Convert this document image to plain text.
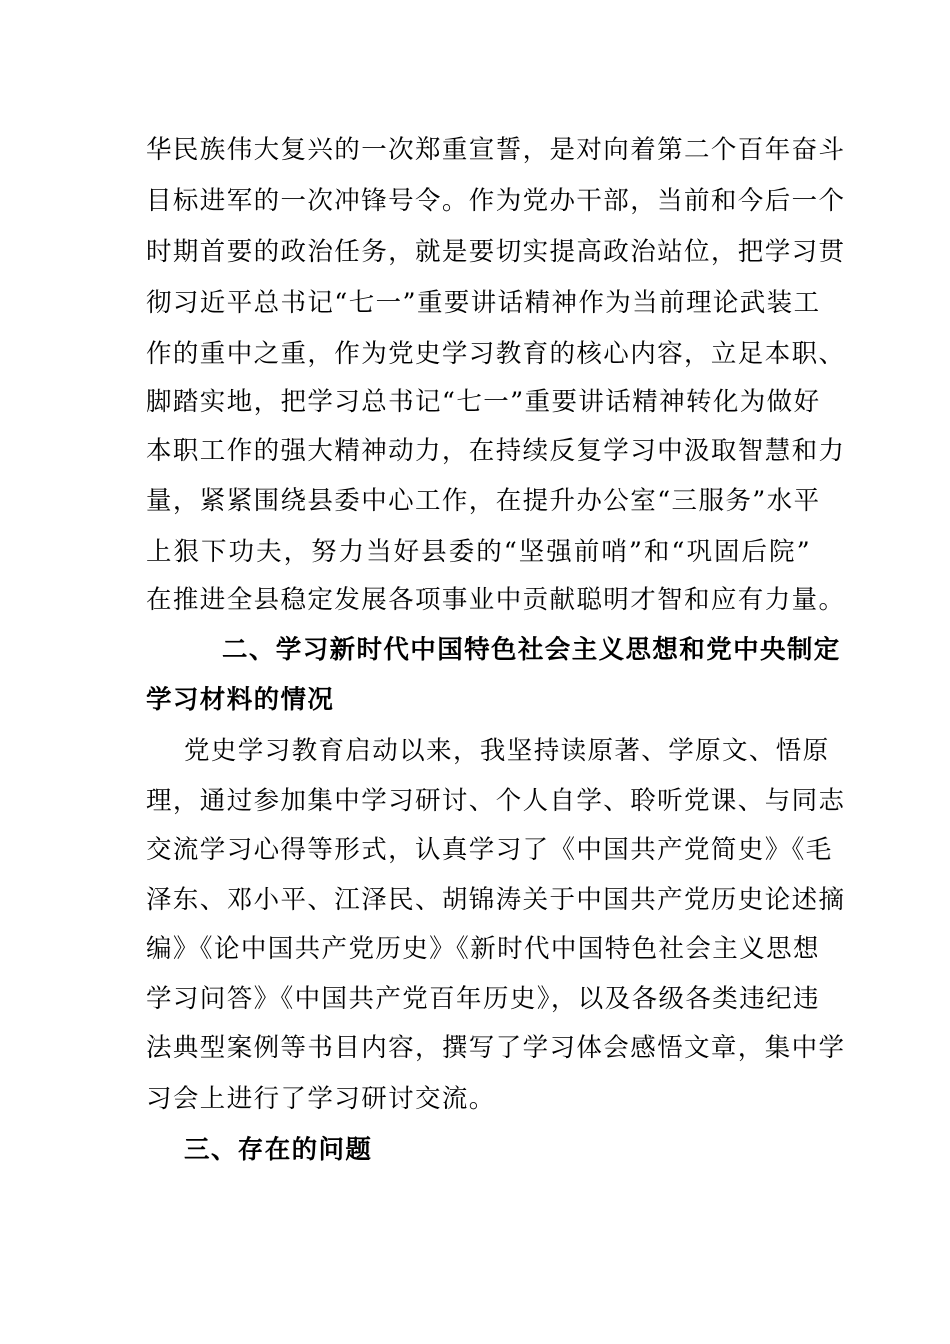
华民族伟大复兴的一次郑重宣誓，是对向着第二个百年奋斗
目标进军的一次冲锋号令。作为党办干部，当前和今后一个
时期首要的政治任务，就是要切实提高政治站位，把学习贯
彻习近平总书记“七一”重要讲话精神作为当前理论武装工
作的重中之重，作为党史学习教育的核心内容，立足本职、
脚踏实地，把学习总书记“七一”重要讲话精神转化为做好
本职工作的强大精神动力，在持续反复学习中汲取智慧和力
量，紧紧围绕县委中心工作，在提升办公室“三服务”水平
上狠下功夫，努力当好县委的“坚强前哨”和“巩固后院”
在推进全县稳定发展各项事业中贡献聪明才智和应有力量。
二、学习新时代中国特色社会主义思想和党中央制定
学习材料的情况
党史学习教育启动以来，我坚持读原著、学原文、悟原
理，通过参加集中学习研讨、个人自学、聆听党课、与同志
交流学习心得等形式，认真学习了《中国共产党简史》《毛
泽东、邓小平、江泽民、胡锦涛关于中国共产党历史论述摘
编》《论中国共产党历史》《新时代中国特色社会主义思想
学习问答》《中国共产党百年历史》，以及各级各类违纪违
法典型案例等书目内容，撰写了学习体会感悟文章，集中学
习会上进行了学习研讨交流。
三、存在的问题
